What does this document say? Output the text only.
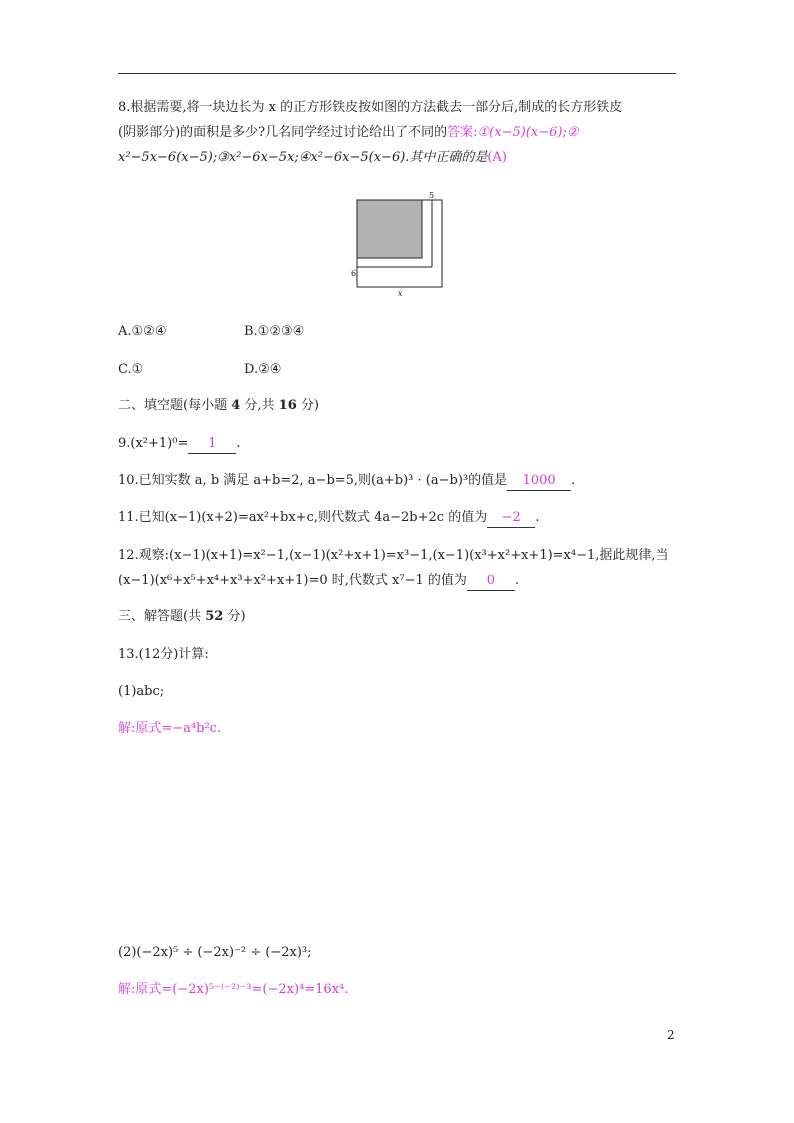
8.根据需要,将一块边长为 x 的正方形铁皮按如图的方法截去一部分后,制成的长方形铁皮
(阴影部分)的面积是多少?几名同学经过讨论给出了不同的答案:①(x−5)(x−6);②
x²−5x−6(x−5);③x²−6x−5x;④x²−6x−5(x−6).其中正确的是(A)
5
6
x
A.①②④	B.①②③④
C.①	D.②④
二、填空题(每小题 4 分,共 16 分)
9.(x²+1)⁰= 1 .
10.已知实数 a, b 满足 a+b=2, a−b=5,则(a+b)³ · (a−b)³的值是 1000 .
11.已知(x−1)(x+2)=ax²+bx+c,则代数式 4a−2b+2c 的值为 −2 .
12.观察:(x−1)(x+1)=x²−1,(x−1)(x²+x+1)=x³−1,(x−1)(x³+x²+x+1)=x⁴−1,据此规律,当
(x−1)(x⁶+x⁵+x⁴+x³+x²+x+1)=0 时,代数式 x⁷−1 的值为 0 .
三、解答题(共 52 分)
13.(12分)计算:
(1)abc;
解:原式=−a⁴b²c.
(2)(−2x)⁵ ÷ (−2x)⁻² ÷ (−2x)³;
解:原式=(−2x)⁵⁻⁽⁻²⁾⁻³=(−2x)⁴=16x⁴.
2
